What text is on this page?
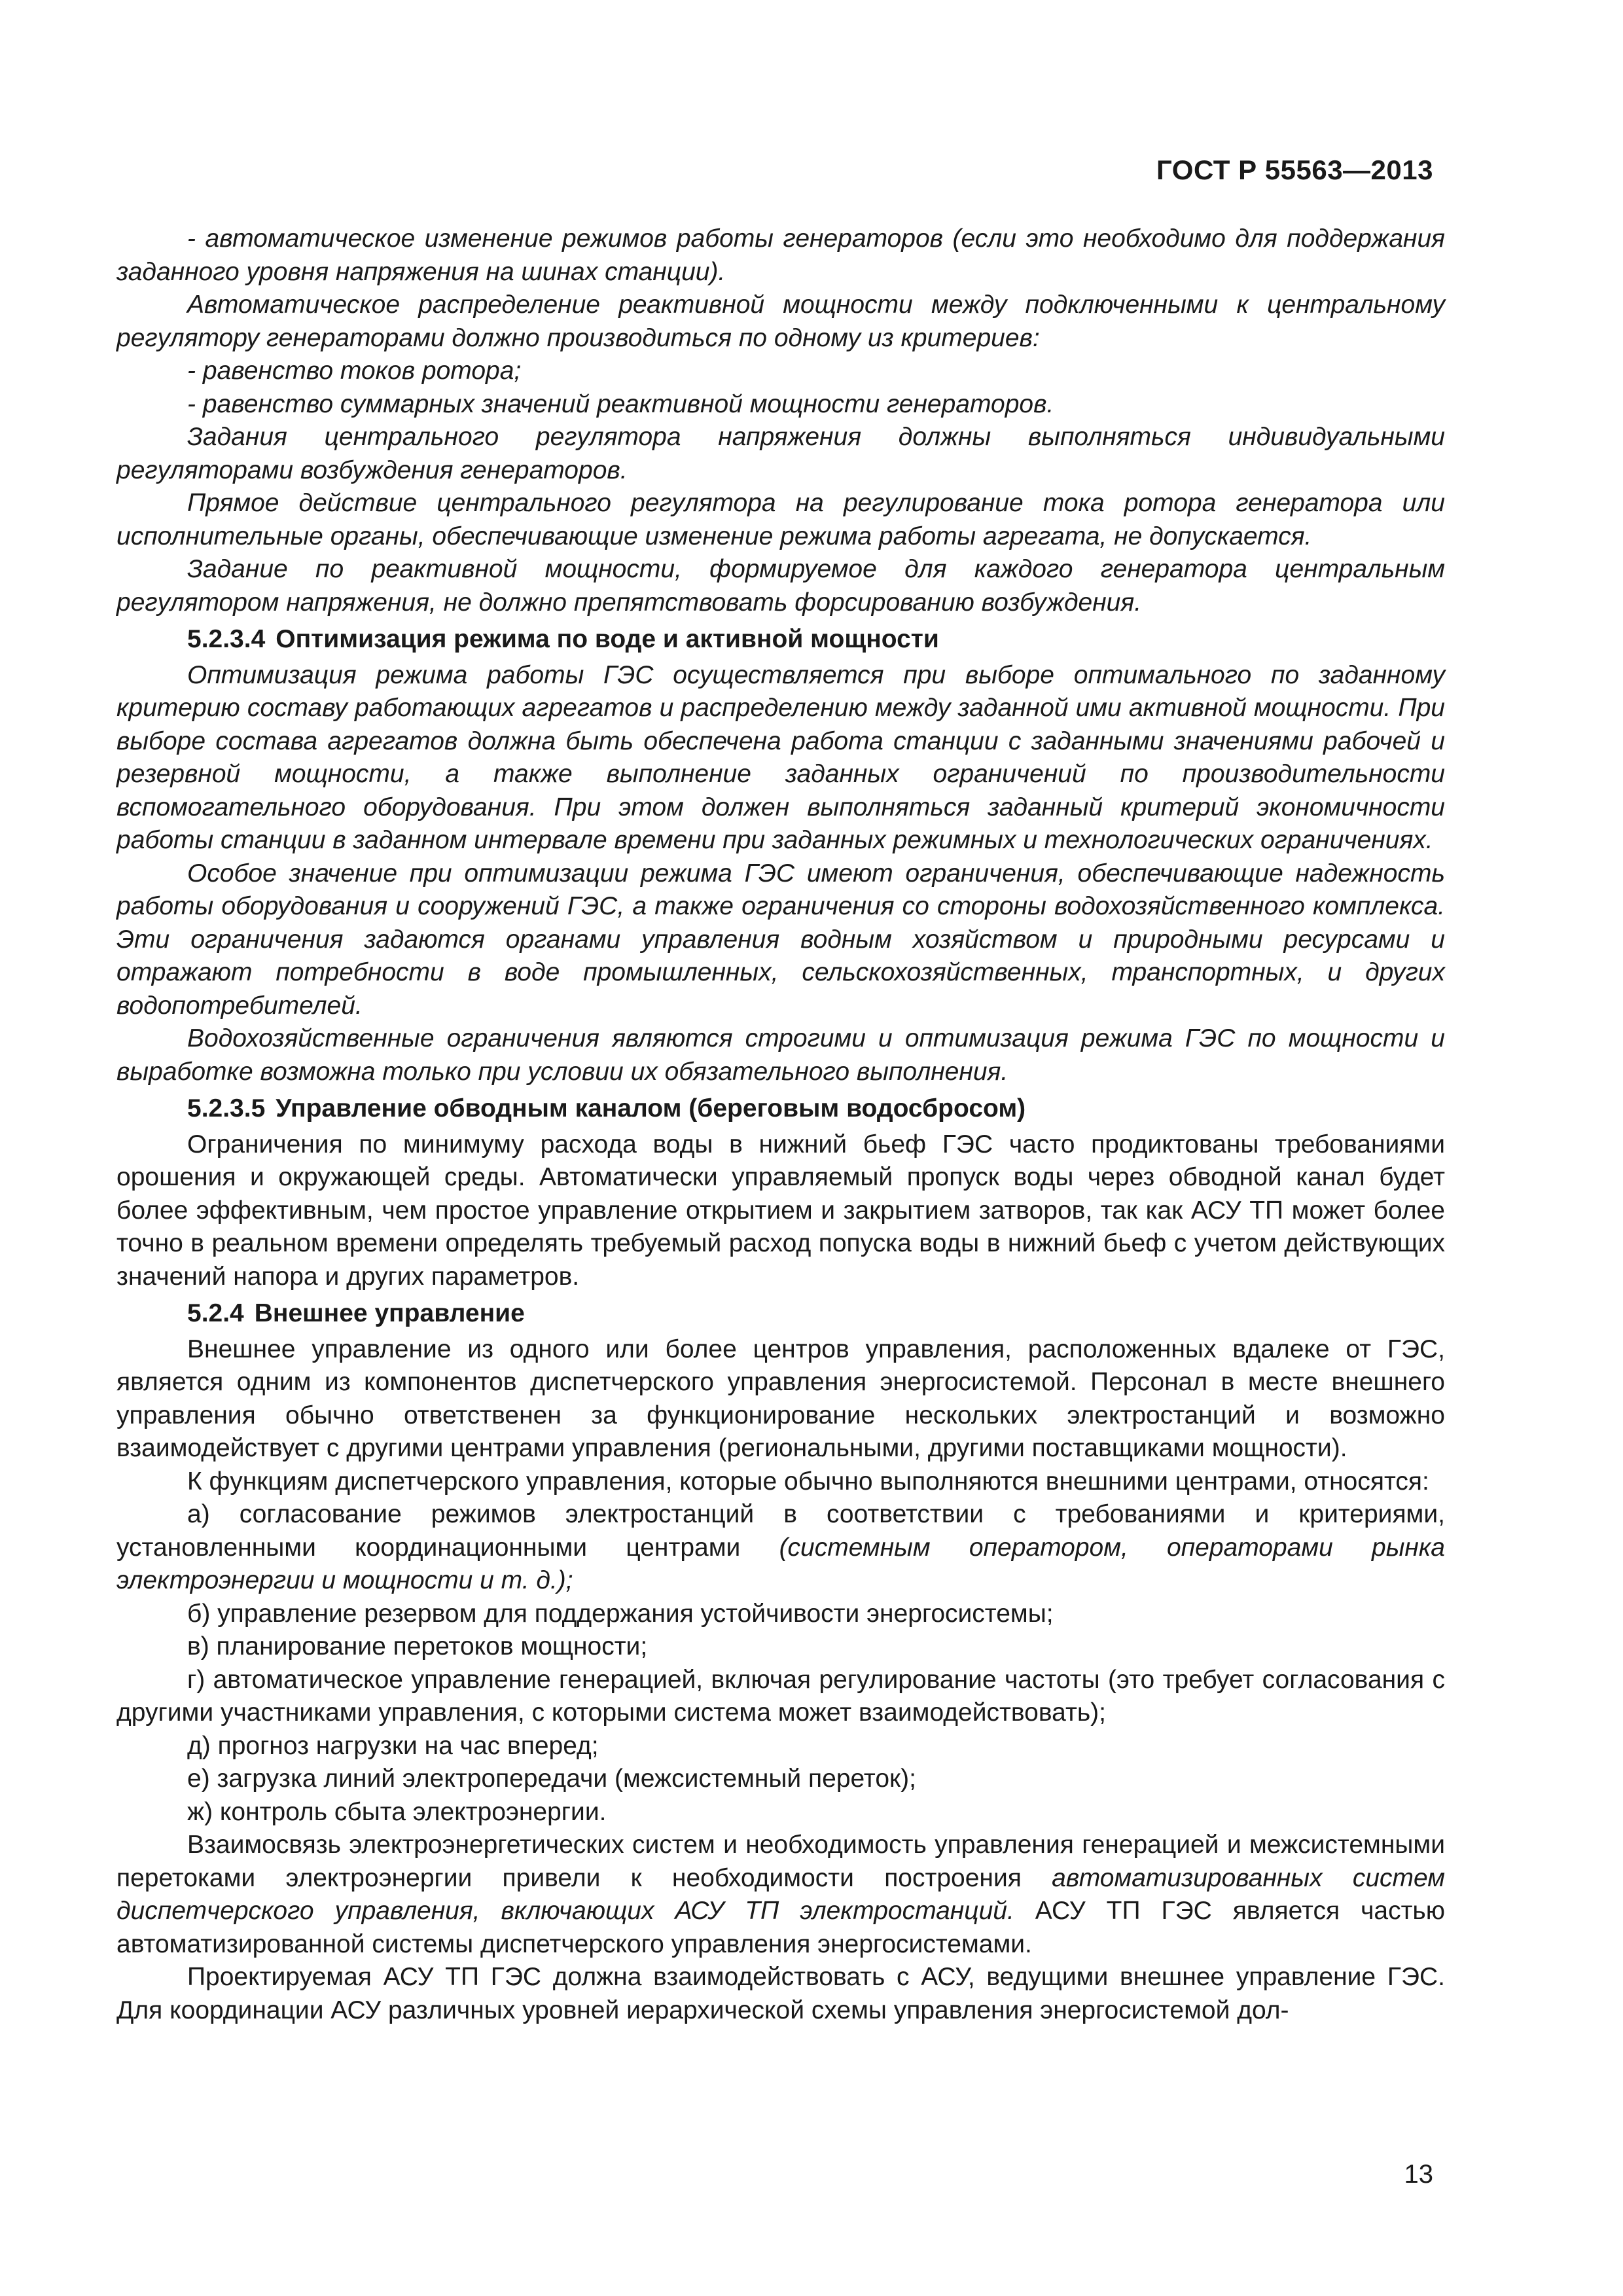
ГОСТ Р 55563—2013

- автоматическое изменение режимов работы генераторов (если это необходимо для поддержания заданного уровня напряжения на шинах станции).

Автоматическое распределение реактивной мощности между подключенными к центральному регулятору генераторами должно производиться по одному из критериев:

- равенство токов ротора;

- равенство суммарных значений реактивной мощности генераторов.

Задания центрального регулятора напряжения должны выполняться индивидуальными регуляторами возбуждения генераторов.

Прямое действие центрального регулятора на регулирование тока ротора генератора или исполнительные органы, обеспечивающие изменение режима работы агрегата, не допускается.

Задание по реактивной мощности, формируемое для каждого генератора центральным регулятором напряжения, не должно препятствовать форсированию возбуждения.

5.2.3.4 Оптимизация режима по воде и активной мощности

Оптимизация режима работы ГЭС осуществляется при выборе оптимального по заданному критерию составу работающих агрегатов и распределению между заданной ими активной мощности. При выборе состава агрегатов должна быть обеспечена работа станции с заданными значениями рабочей и резервной мощности, а также выполнение заданных ограничений по производительности вспомогательного оборудования. При этом должен выполняться заданный критерий экономичности работы станции в заданном интервале времени при заданных режимных и технологических ограничениях.

Особое значение при оптимизации режима ГЭС имеют ограничения, обеспечивающие надежность работы оборудования и сооружений ГЭС, а также ограничения со стороны водохозяйственного комплекса. Эти ограничения задаются органами управления водным хозяйством и природными ресурсами и отражают потребности в воде промышленных, сельскохозяйственных, транспортных, и других водопотребителей.

Водохозяйственные ограничения являются строгими и оптимизация режима ГЭС по мощности и выработке возможна только при условии их обязательного выполнения.

5.2.3.5 Управление обводным каналом (береговым водосбросом)

Ограничения по минимуму расхода воды в нижний бьеф ГЭС часто продиктованы требованиями орошения и окружающей среды. Автоматически управляемый пропуск воды через обводной канал будет более эффективным, чем простое управление открытием и закрытием затворов, так как АСУ ТП может более точно в реальном времени определять требуемый расход попуска воды в нижний бьеф с учетом действующих значений напора и других параметров.

5.2.4 Внешнее управление

Внешнее управление из одного или более центров управления, расположенных вдалеке от ГЭС, является одним из компонентов диспетчерского управления энергосистемой. Персонал в месте внешнего управления обычно ответственен за функционирование нескольких электростанций и возможно взаимодействует с другими центрами управления (региональными, другими поставщиками мощности).

К функциям диспетчерского управления, которые обычно выполняются внешними центрами, относятся:

а) согласование режимов электростанций в соответствии с требованиями и критериями, установленными координационными центрами (системным оператором, операторами рынка электроэнергии и мощности и т. д.);

б) управление резервом для поддержания устойчивости энергосистемы;

в) планирование перетоков мощности;

г) автоматическое управление генерацией, включая регулирование частоты (это требует согласования с другими участниками управления, с которыми система может взаимодействовать);

д) прогноз нагрузки на час вперед;

е) загрузка линий электропередачи (межсистемный переток);

ж) контроль сбыта электроэнергии.

Взаимосвязь электроэнергетических систем и необходимость управления генерацией и межсистемными перетоками электроэнергии привели к необходимости построения автоматизированных систем диспетчерского управления, включающих АСУ ТП электростанций. АСУ ТП ГЭС является частью автоматизированной системы диспетчерского управления энергосистемами.

Проектируемая АСУ ТП ГЭС должна взаимодействовать с АСУ, ведущими внешнее управление ГЭС. Для координации АСУ различных уровней иерархической схемы управления энергосистемой дол-

13
